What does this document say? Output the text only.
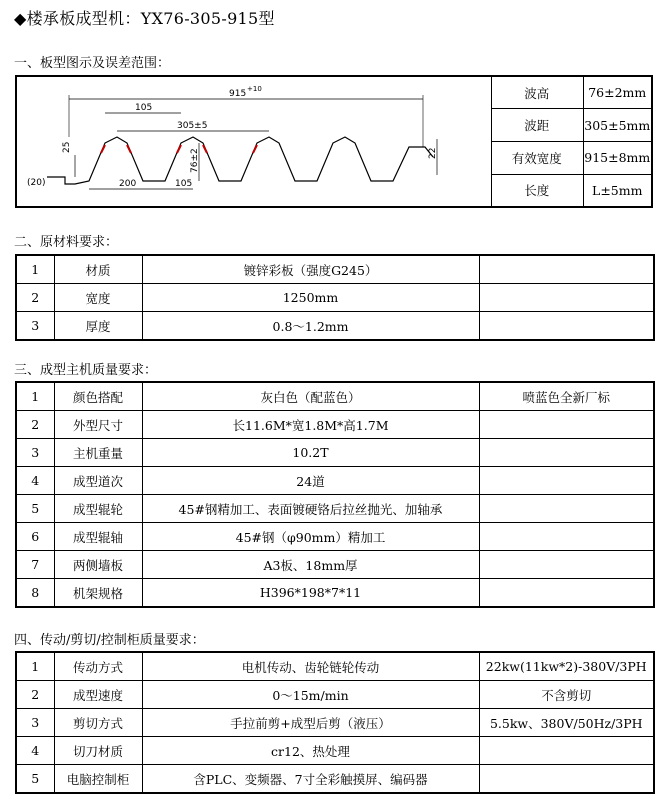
◆楼承板成型机：YX76-305-915型
一、板型图示及误差范围：
915 +10
105
305±5
200	105
(20)
25
76±2	22
波高	76±2mm
波距	305±5mm
有效宽度	915±8mm
长度	L±5mm
二、原材料要求：
1	材质	镀锌彩板（强度G245）	
2	宽度	1250mm	
3	厚度	0.8～1.2mm	
三、成型主机质量要求：
1	颜色搭配	灰白色（配蓝色）	喷蓝色全新厂标
2	外型尺寸	长11.6M*宽1.8M*高1.7M	
3	主机重量	10.2T	
4	成型道次	24道	
5	成型辊轮	45#钢精加工、表面镀硬铬后拉丝抛光、加轴承	
6	成型辊轴	45#钢（φ90mm）精加工	
7	两侧墙板	A3板、18mm厚	
8	机架规格	H396*198*7*11	
四、传动/剪切/控制柜质量要求：
1	传动方式	电机传动、齿轮链轮传动	22kw(11kw*2)-380V/3PH
2	成型速度	0～15m/min	不含剪切
3	剪切方式	手拉前剪+成型后剪（液压）	5.5kw、380V/50Hz/3PH
4	切刀材质	cr12、热处理	
5	电脑控制柜	含PLC、变频器、7寸全彩触摸屏、编码器	
